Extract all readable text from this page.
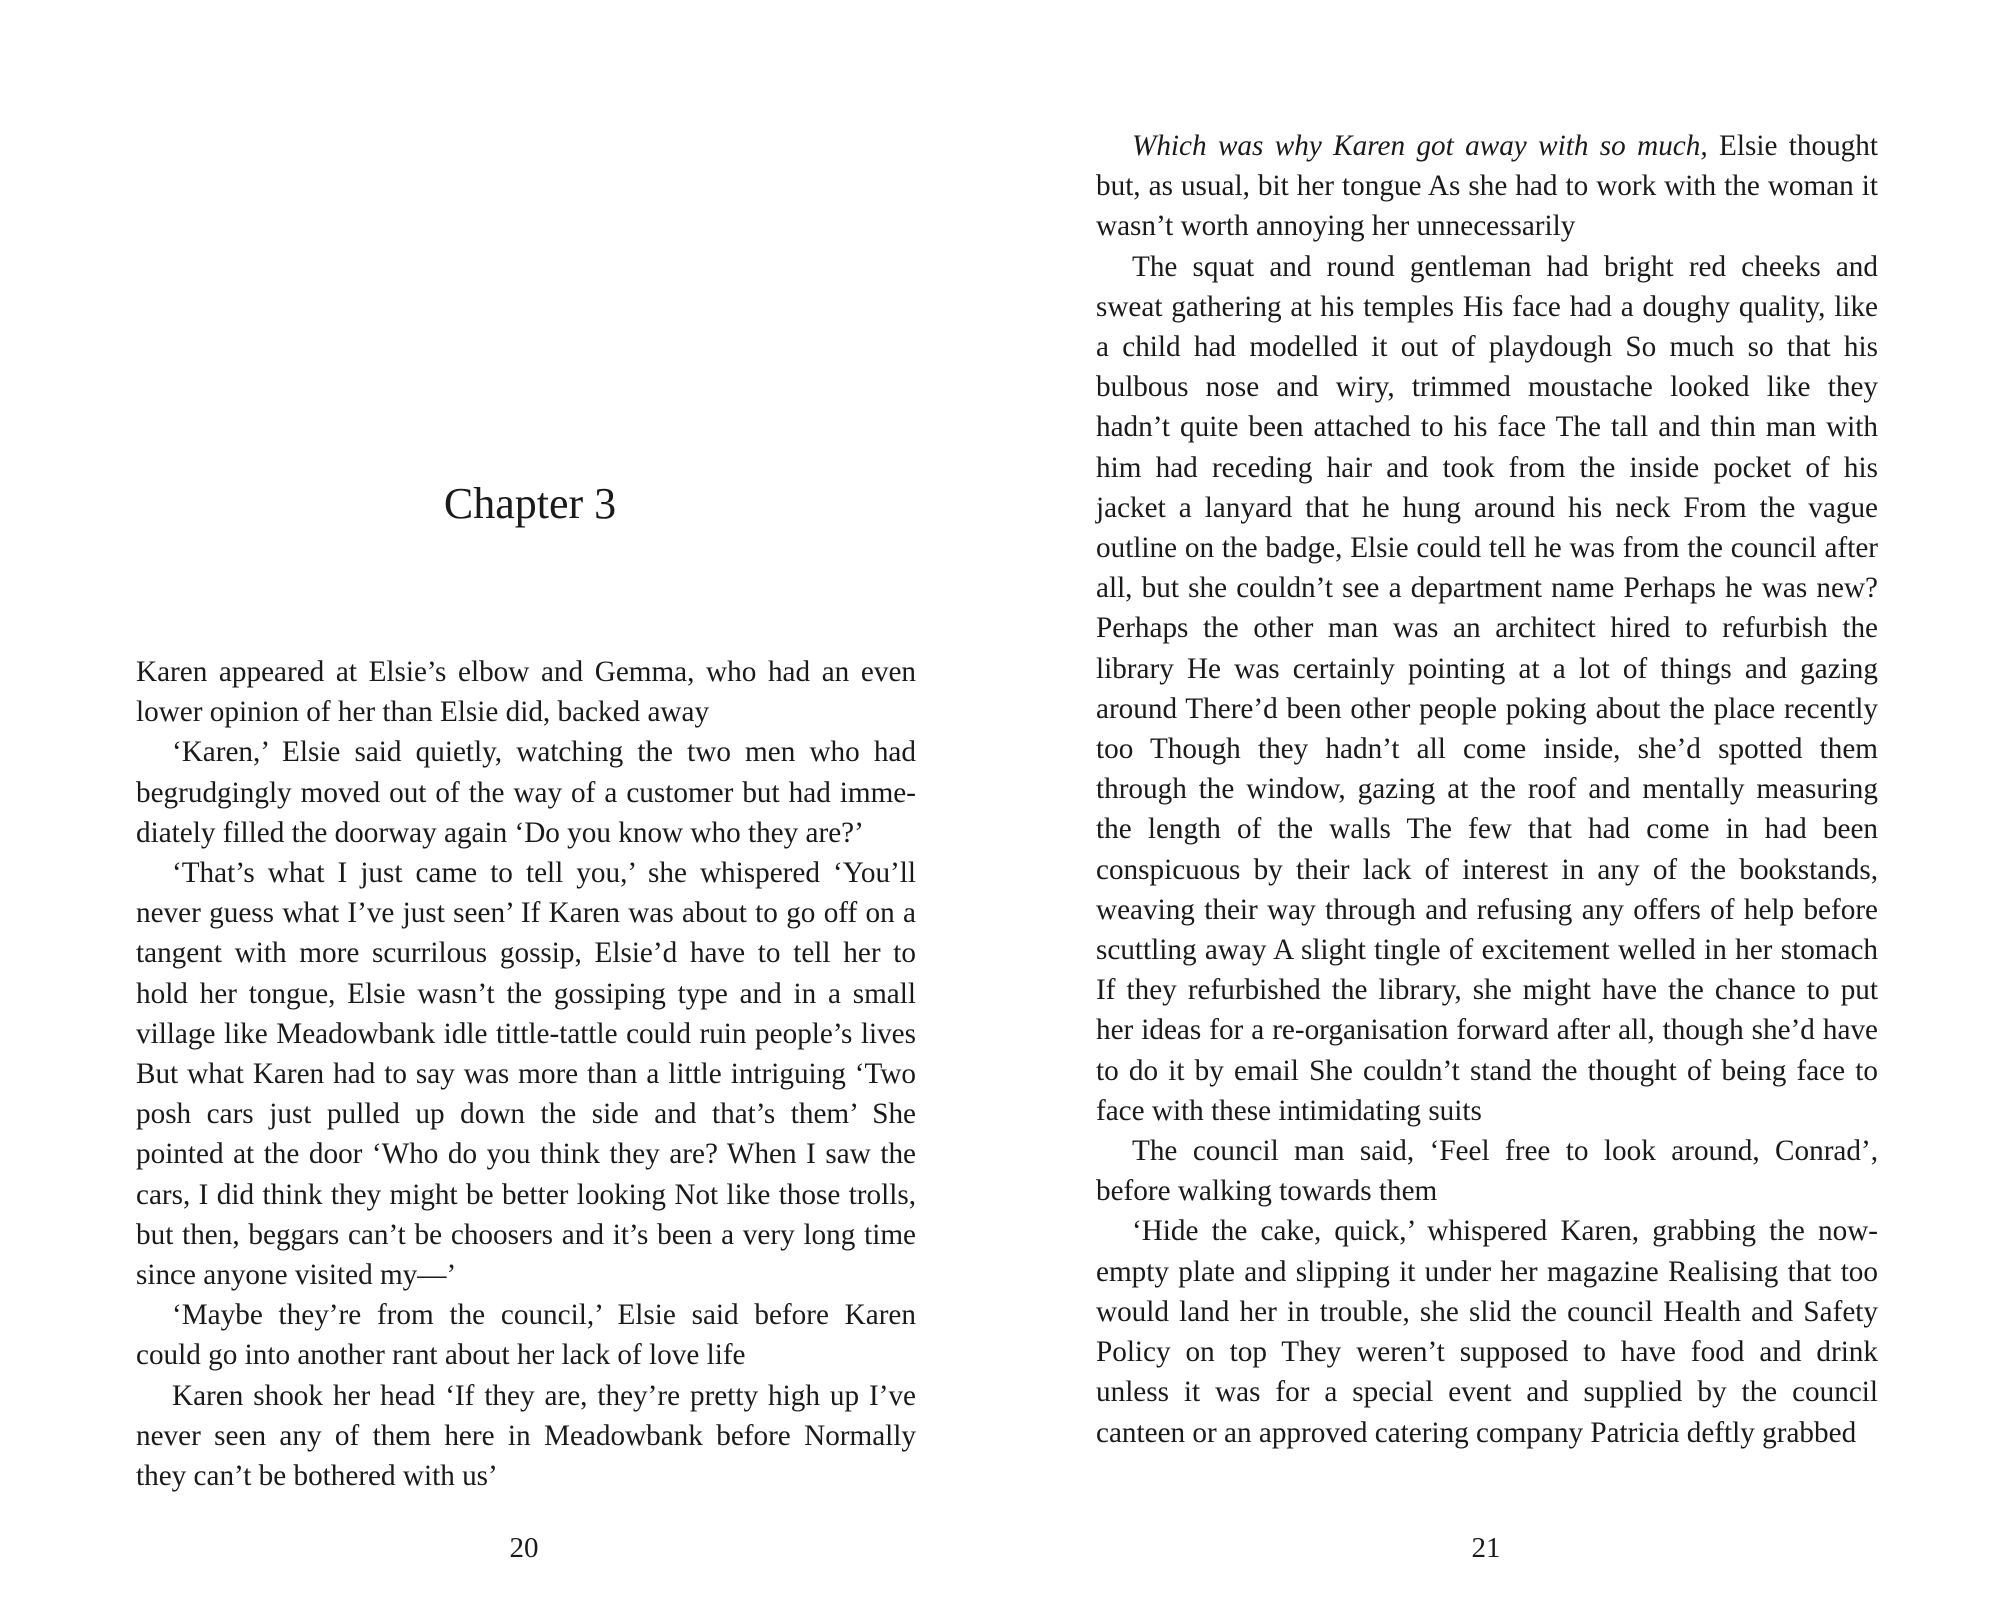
Chapter 3

Karen appeared at Elsie’s elbow and Gemma, who had an even lower opinion of her than Elsie did, backed away

‘Karen,’ Elsie said quietly, watching the two men who had begrudgingly moved out of the way of a customer but had imme-diately filled the doorway again ‘Do you know who they are?’

‘That’s what I just came to tell you,’ she whispered ‘You’ll never guess what I’ve just seen’ If Karen was about to go off on a tangent with more scurrilous gossip, Elsie’d have to tell her to hold her tongue, Elsie wasn’t the gossiping type and in a small village like Meadowbank idle tittle-tattle could ruin people’s lives But what Karen had to say was more than a little intriguing ‘Two posh cars just pulled up down the side and that’s them’ She pointed at the door ‘Who do you think they are? When I saw the cars, I did think they might be better looking Not like those trolls, but then, beggars can’t be choosers and it’s been a very long time since anyone visited my—’

‘Maybe they’re from the council,’ Elsie said before Karen could go into another rant about her lack of love life

Karen shook her head ‘If they are, they’re pretty high up I’ve never seen any of them here in Meadowbank before Normally they can’t be bothered with us’

20

Which was why Karen got away with so much, Elsie thought but, as usual, bit her tongue As she had to work with the woman it wasn’t worth annoying her unnecessarily

The squat and round gentleman had bright red cheeks and sweat gathering at his temples His face had a doughy quality, like a child had modelled it out of playdough So much so that his bulbous nose and wiry, trimmed moustache looked like they hadn’t quite been attached to his face The tall and thin man with him had receding hair and took from the inside pocket of his jacket a lanyard that he hung around his neck From the vague outline on the badge, Elsie could tell he was from the council after all, but she couldn’t see a department name Perhaps he was new? Perhaps the other man was an architect hired to refurbish the library He was certainly pointing at a lot of things and gazing around There’d been other people poking about the place recently too Though they hadn’t all come inside, she’d spotted them through the window, gazing at the roof and mentally measuring the length of the walls The few that had come in had been conspicuous by their lack of interest in any of the bookstands, weaving their way through and refusing any offers of help before scuttling away A slight tingle of excitement welled in her stomach If they refurbished the library, she might have the chance to put her ideas for a re-organisation forward after all, though she’d have to do it by email She couldn’t stand the thought of being face to face with these intimidating suits

The council man said, ‘Feel free to look around, Conrad’, before walking towards them

‘Hide the cake, quick,’ whispered Karen, grabbing the now-empty plate and slipping it under her magazine Realising that too would land her in trouble, she slid the council Health and Safety Policy on top They weren’t supposed to have food and drink unless it was for a special event and supplied by the council canteen or an approved catering company Patricia deftly grabbed

21
